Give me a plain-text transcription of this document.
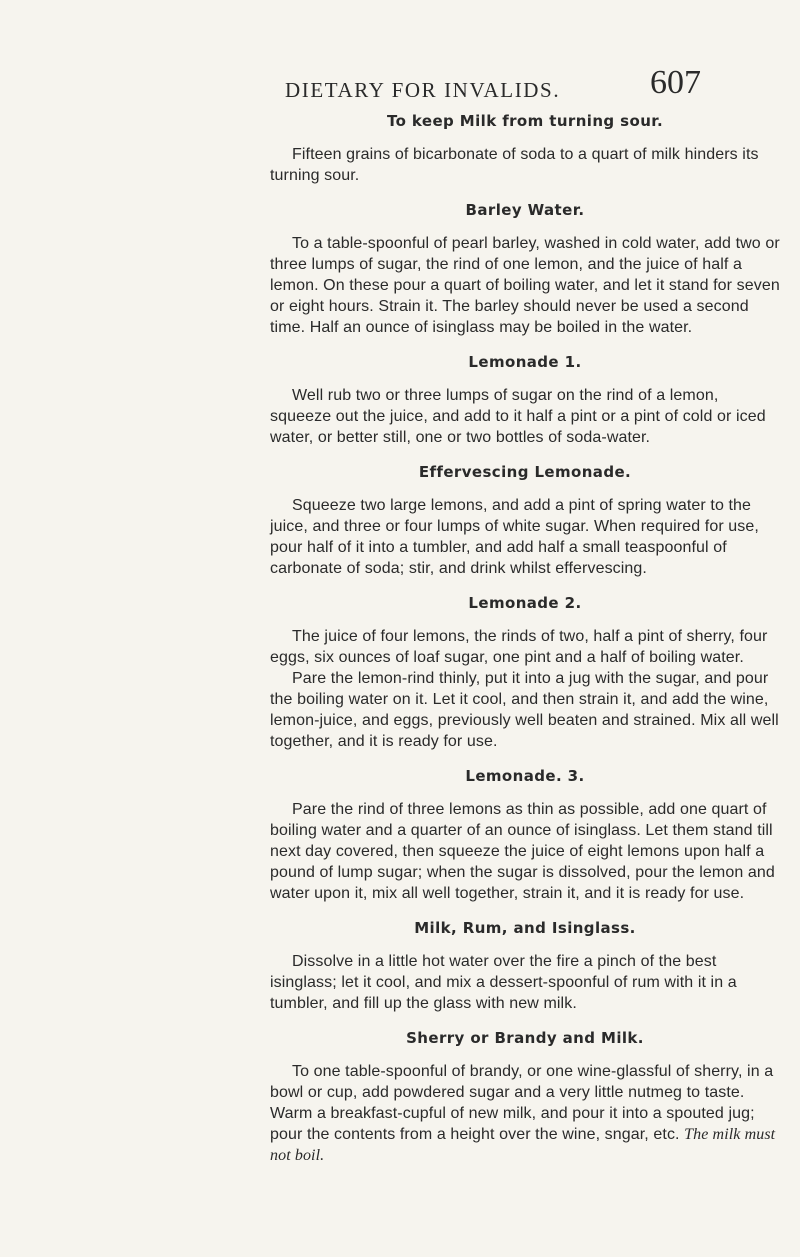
DIETARY FOR INVALIDS.	607
To keep Milk from turning sour.

Fifteen grains of bicarbonate of soda to a quart of milk hinders its turning sour.

Barley Water.

To a table-spoonful of pearl barley, washed in cold water, add two or three lumps of sugar, the rind of one lemon, and the juice of half a lemon. On these pour a quart of boiling water, and let it stand for seven or eight hours. Strain it. The barley should never be used a second time. Half an ounce of isinglass may be boiled in the water.

Lemonade 1.

Well rub two or three lumps of sugar on the rind of a lemon, squeeze out the juice, and add to it half a pint or a pint of cold or iced water, or better still, one or two bottles of soda-water.

Effervescing Lemonade.

Squeeze two large lemons, and add a pint of spring water to the juice, and three or four lumps of white sugar. When required for use, pour half of it into a tumbler, and add half a small teaspoonful of carbonate of soda; stir, and drink whilst effervescing.

Lemonade 2.

The juice of four lemons, the rinds of two, half a pint of sherry, four eggs, six ounces of loaf sugar, one pint and a half of boiling water.

Pare the lemon-rind thinly, put it into a jug with the sugar, and pour the boiling water on it. Let it cool, and then strain it, and add the wine, lemon-juice, and eggs, previously well beaten and strained. Mix all well together, and it is ready for use.

Lemonade. 3.

Pare the rind of three lemons as thin as possible, add one quart of boiling water and a quarter of an ounce of isinglass. Let them stand till next day covered, then squeeze the juice of eight lemons upon half a pound of lump sugar; when the sugar is dissolved, pour the lemon and water upon it, mix all well together, strain it, and it is ready for use.

Milk, Rum, and Isinglass.

Dissolve in a little hot water over the fire a pinch of the best isinglass; let it cool, and mix a dessert-spoonful of rum with it in a tumbler, and fill up the glass with new milk.

Sherry or Brandy and Milk.

To one table-spoonful of brandy, or one wine-glassful of sherry, in a bowl or cup, add powdered sugar and a very little nutmeg to taste. Warm a breakfast-cupful of new milk, and pour it into a spouted jug; pour the contents from a height over the wine, sngar, etc. The milk must not boil.
